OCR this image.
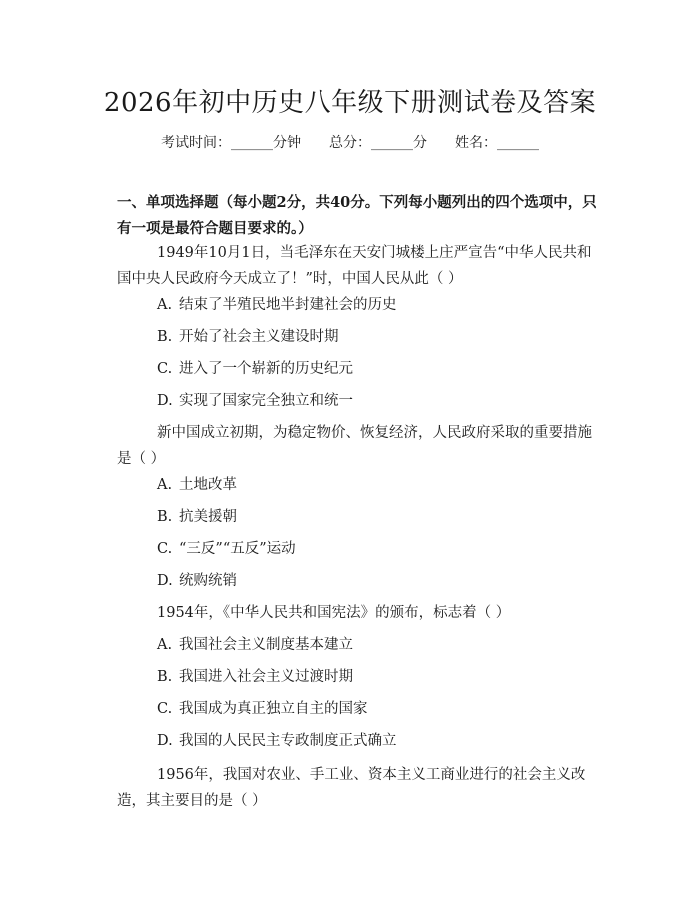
2026年初中历史八年级下册测试卷及答案
考试时间：______分钟 总分：______分 姓名：______
一、单项选择题（每小题2分，共40分。下列每小题列出的四个选项中，只有一项是最符合题目要求的。）
1949年10月1日，当毛泽东在天安门城楼上庄严宣告“中华人民共和国中央人民政府今天成立了！”时，中国人民从此（ ）
A. 结束了半殖民地半封建社会的历史
B. 开始了社会主义建设时期
C. 进入了一个崭新的历史纪元
D. 实现了国家完全独立和统一
新中国成立初期，为稳定物价、恢复经济，人民政府采取的重要措施是（ ）
A. 土地改革
B. 抗美援朝
C. “三反”“五反”运动
D. 统购统销
1954年，《中华人民共和国宪法》的颁布，标志着（ ）
A. 我国社会主义制度基本建立
B. 我国进入社会主义过渡时期
C. 我国成为真正独立自主的国家
D. 我国的人民民主专政制度正式确立
1956年，我国对农业、手工业、资本主义工商业进行的社会主义改造，其主要目的是（ ）
